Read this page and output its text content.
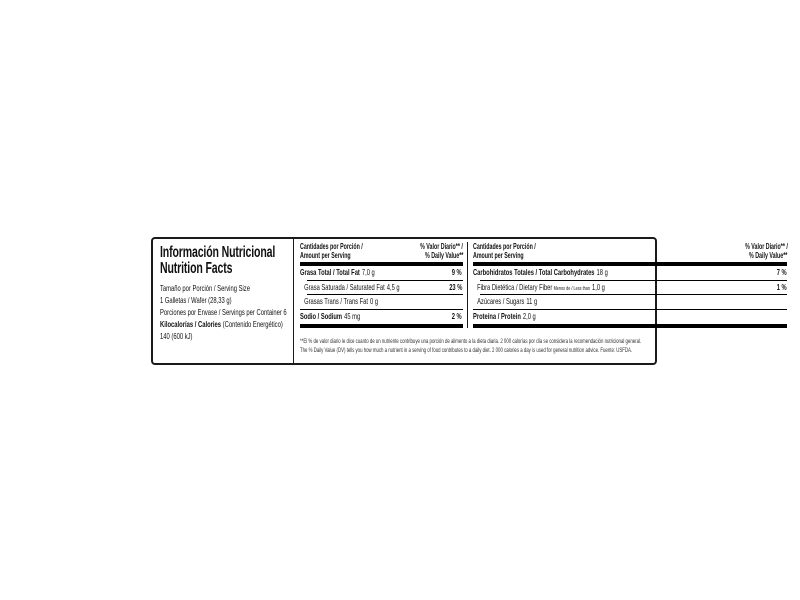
Información Nutricional
Nutrition Facts
Tamaño por Porción / Serving Size
1 Galletas / Wafer (28,33 g)
Porciones por Envase / Servings per Container 6
Kilocalorías / Calories (Contenido Energético)
140 (600 kJ)
Cantidades por Porción /
Amount per Serving
% Valor Diario** /
% Daily Value**
Grasa Total / Total Fat 7,0 g	9 %
Grasa Saturada / Saturated Fat 4,5 g	23 %
Grasas Trans / Trans Fat 0 g
Sodio / Sodium 45 mg	2 %
Cantidades por Porción /
Amount per Serving
% Valor Diario** /
% Daily Value**
Carbohidratos Totales / Total Carbohydrates 18 g	7 %
Fibra Dietética / Dietary FiberMenos de / Less than 1,0 g	1 %
Azúcares / Sugars 11 g
Proteína / Protein 2,0 g
**El % de valor diario le dice cuanto de un nutriente contribuye una porción de alimento a la dieta diaria. 2 000 calorías por día se considera la recomendación nutricional general.
The % Daily Value (DV) tells you how much a nutrient in a serving of food contributes to a daily diet. 2 000 calories a day is used for general nutrition advice. Fuente: USFDA.
